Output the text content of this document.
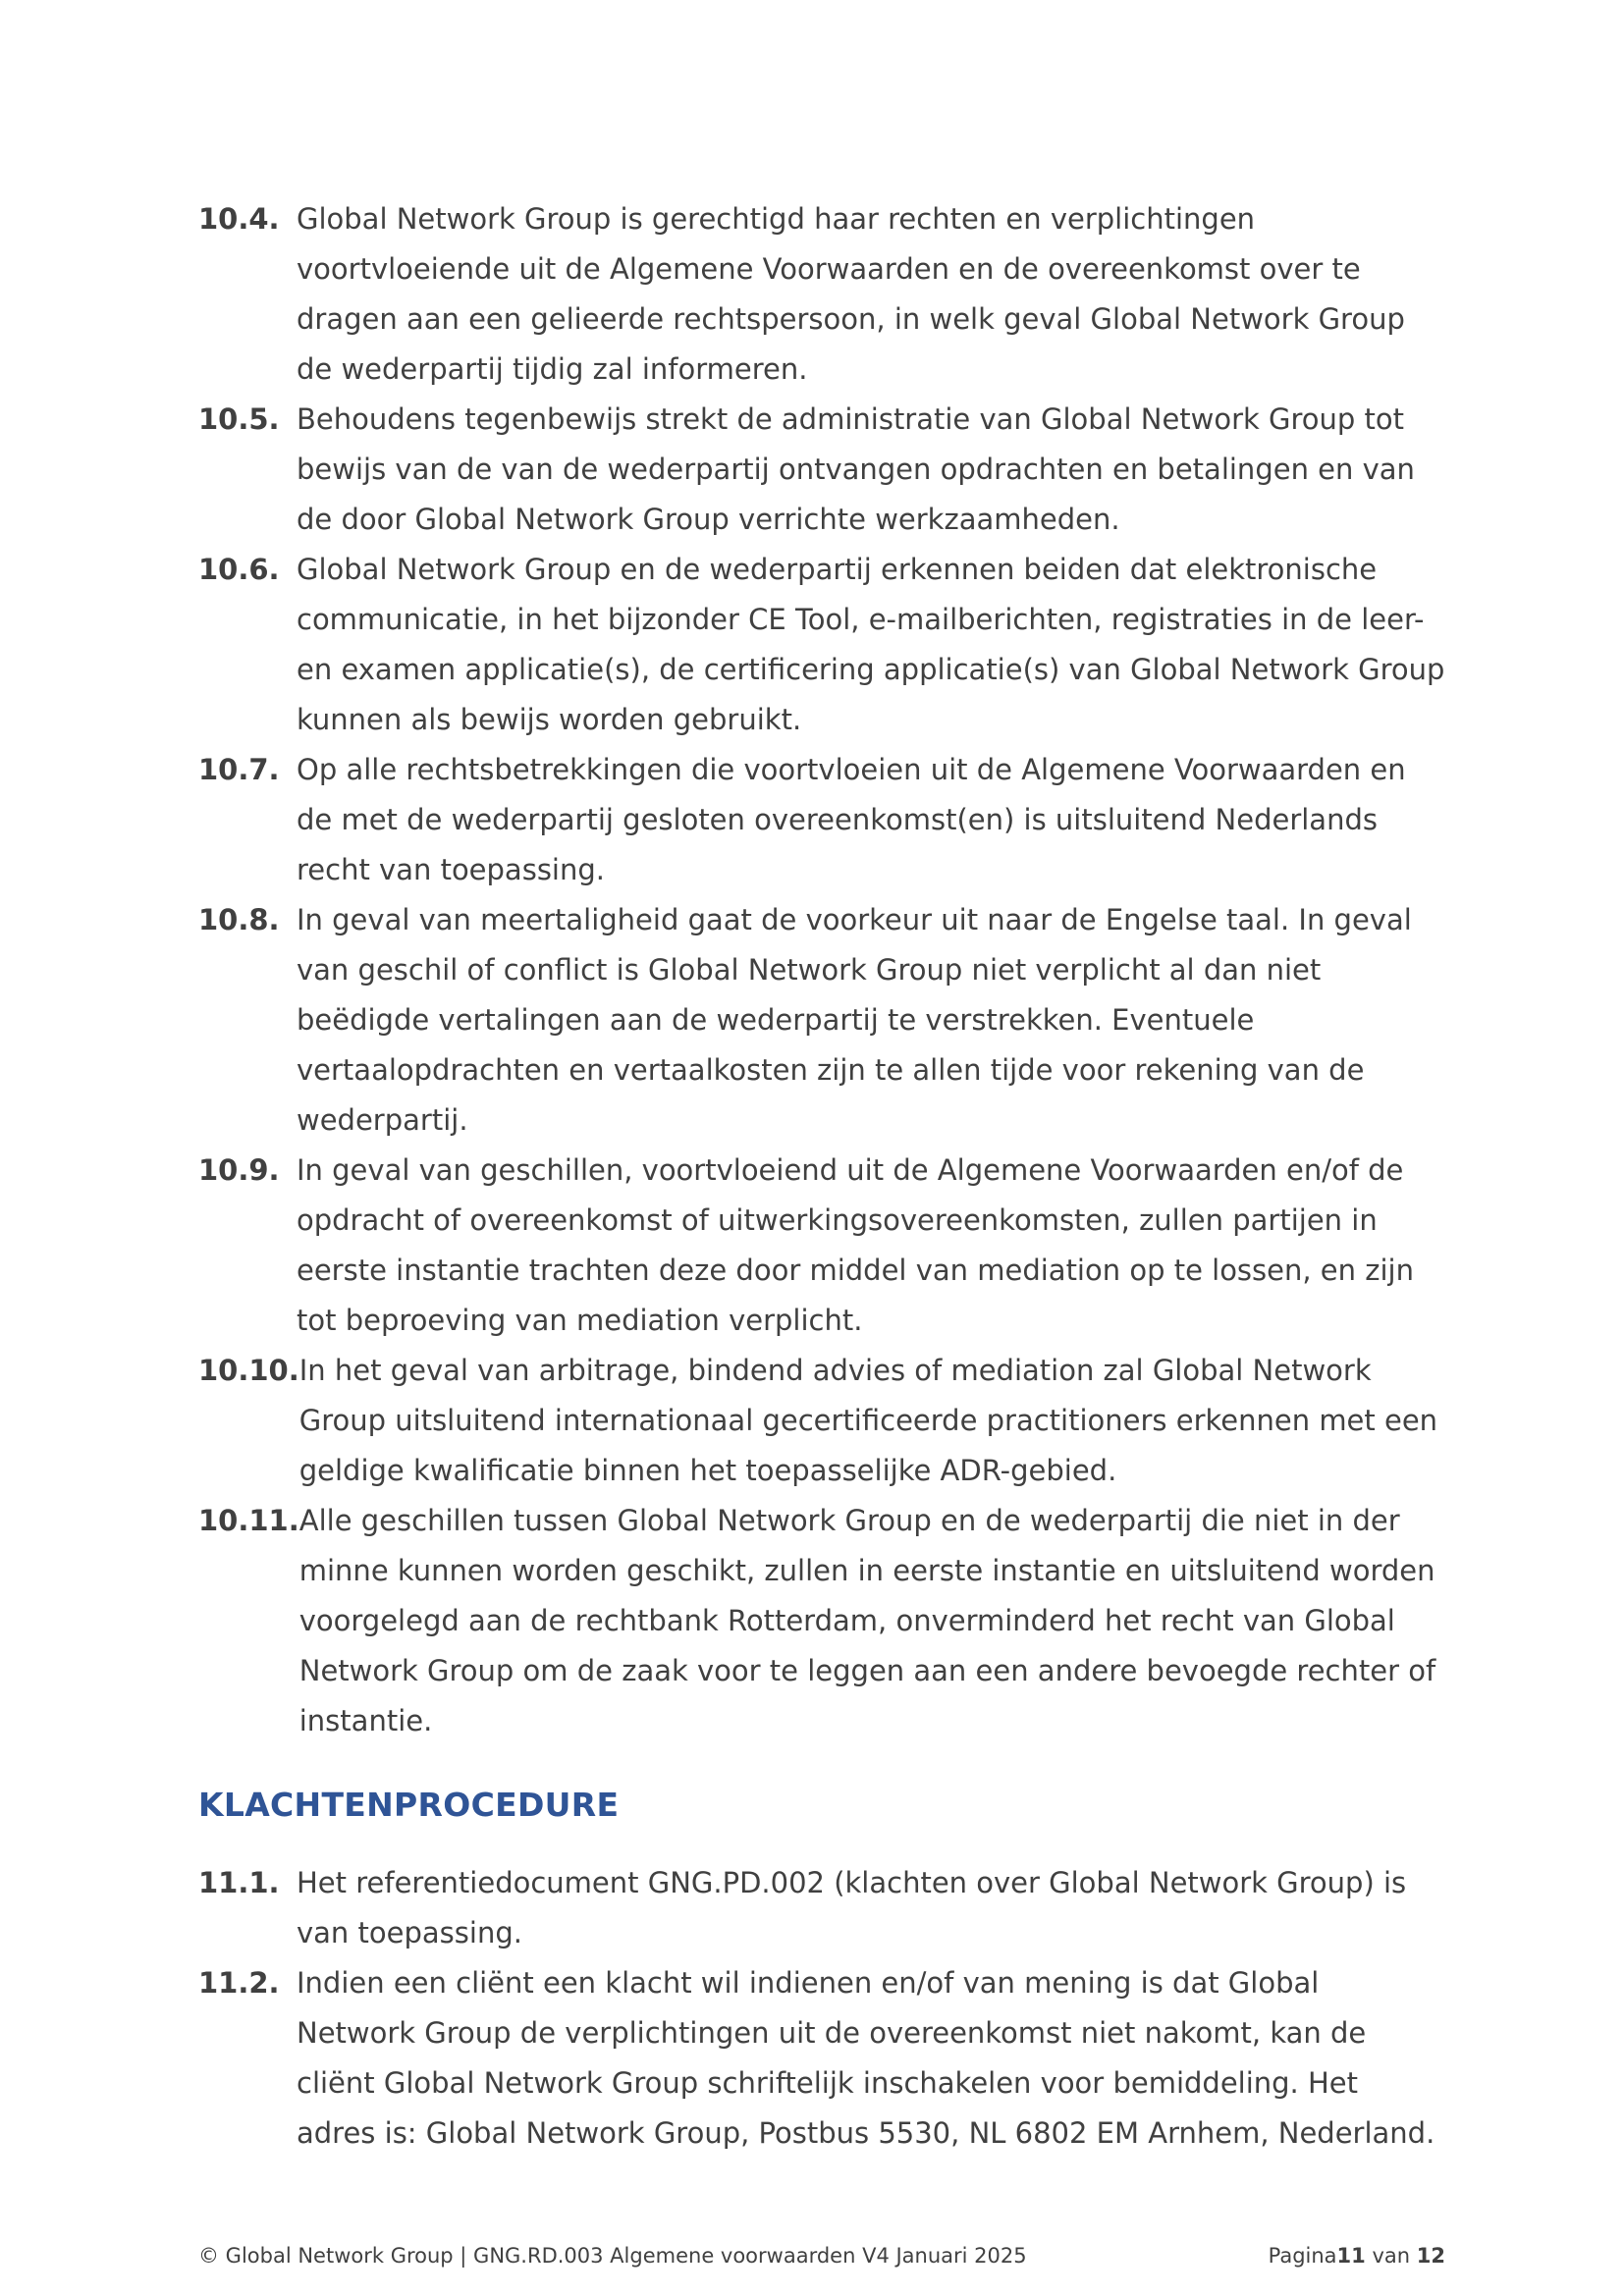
10.4. Global Network Group is gerechtigd haar rechten en verplichtingen voortvloeiende uit de Algemene Voorwaarden en de overeenkomst over te dragen aan een gelieerde rechtspersoon, in welk geval Global Network Group de wederpartij tijdig zal informeren.
10.5. Behoudens tegenbewijs strekt de administratie van Global Network Group tot bewijs van de van de wederpartij ontvangen opdrachten en betalingen en van de door Global Network Group verrichte werkzaamheden.
10.6. Global Network Group en de wederpartij erkennen beiden dat elektronische communicatie, in het bijzonder CE Tool, e-mailberichten, registraties in de leer- en examen applicatie(s), de certificering applicatie(s) van Global Network Group kunnen als bewijs worden gebruikt.
10.7. Op alle rechtsbetrekkingen die voortvloeien uit de Algemene Voorwaarden en de met de wederpartij gesloten overeenkomst(en) is uitsluitend Nederlands recht van toepassing.
10.8. In geval van meertaligheid gaat de voorkeur uit naar de Engelse taal. In geval van geschil of conflict is Global Network Group niet verplicht al dan niet beëdigde vertalingen aan de wederpartij te verstrekken. Eventuele vertaalopdrachten en vertaalkosten zijn te allen tijde voor rekening van de wederpartij.
10.9. In geval van geschillen, voortvloeiend uit de Algemene Voorwaarden en/of de opdracht of overeenkomst of uitwerkingsovereenkomsten, zullen partijen in eerste instantie trachten deze door middel van mediation op te lossen, en zijn tot beproeving van mediation verplicht.
10.10. In het geval van arbitrage, bindend advies of mediation zal Global Network Group uitsluitend internationaal gecertificeerde practitioners erkennen met een geldige kwalificatie binnen het toepasselijke ADR-gebied.
10.11. Alle geschillen tussen Global Network Group en de wederpartij die niet in der minne kunnen worden geschikt, zullen in eerste instantie en uitsluitend worden voorgelegd aan de rechtbank Rotterdam, onverminderd het recht van Global Network Group om de zaak voor te leggen aan een andere bevoegde rechter of instantie.
KLACHTENPROCEDURE
11.1. Het referentiedocument GNG.PD.002 (klachten over Global Network Group) is van toepassing.
11.2. Indien een cliënt een klacht wil indienen en/of van mening is dat Global Network Group de verplichtingen uit de overeenkomst niet nakomt, kan de cliënt Global Network Group schriftelijk inschakelen voor bemiddeling. Het adres is: Global Network Group, Postbus 5530, NL 6802 EM Arnhem, Nederland.
© Global Network Group | GNG.RD.003 Algemene voorwaarden V4 Januari 2025	Pagina11 van 12
